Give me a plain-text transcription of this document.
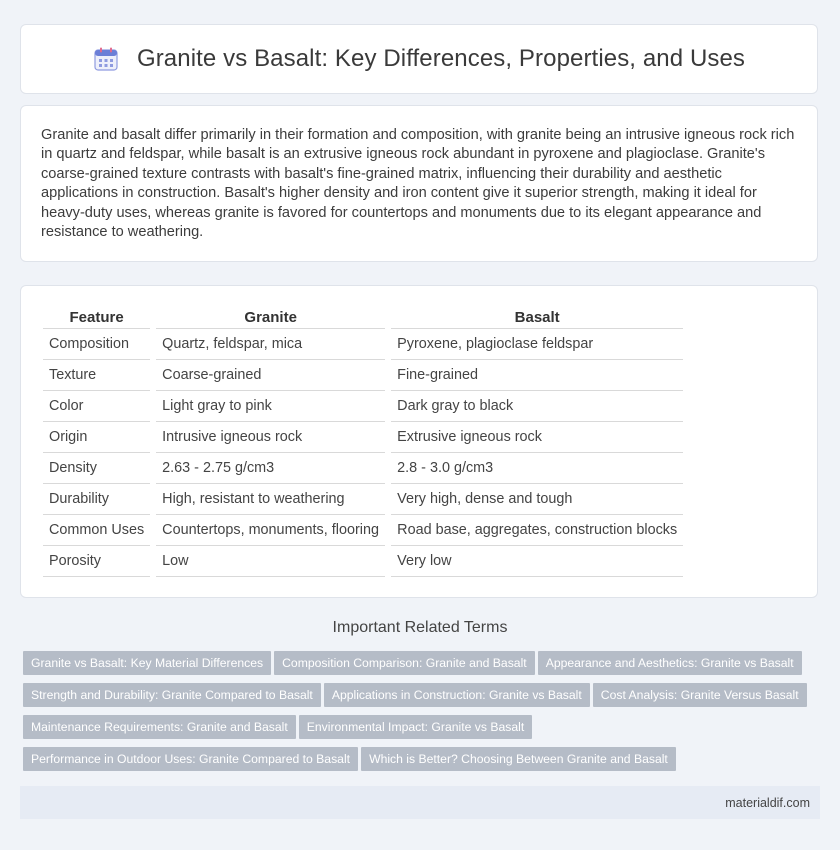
Granite vs Basalt: Key Differences, Properties, and Uses

Granite and basalt differ primarily in their formation and composition, with granite being an intrusive igneous rock rich in quartz and feldspar, while basalt is an extrusive igneous rock abundant in pyroxene and plagioclase. Granite's coarse-grained texture contrasts with basalt's fine-grained matrix, influencing their durability and aesthetic applications in construction. Basalt's higher density and iron content give it superior strength, making it ideal for heavy-duty uses, whereas granite is favored for countertops and monuments due to its elegant appearance and resistance to weathering.

Feature	Granite	Basalt
Composition	Quartz, feldspar, mica	Pyroxene, plagioclase feldspar
Texture	Coarse-grained	Fine-grained
Color	Light gray to pink	Dark gray to black
Origin	Intrusive igneous rock	Extrusive igneous rock
Density	2.63 - 2.75 g/cm3	2.8 - 3.0 g/cm3
Durability	High, resistant to weathering	Very high, dense and tough
Common Uses	Countertops, monuments, flooring	Road base, aggregates, construction blocks
Porosity	Low	Very low
Important Related Terms
Granite vs Basalt: Key Material Differences Composition Comparison: Granite and Basalt Appearance and Aesthetics: Granite vs Basalt
Strength and Durability: Granite Compared to Basalt Applications in Construction: Granite vs Basalt Cost Analysis: Granite Versus Basalt
Maintenance Requirements: Granite and Basalt Environmental Impact: Granite vs Basalt
Performance in Outdoor Uses: Granite Compared to Basalt Which is Better? Choosing Between Granite and Basalt
materialdif.com
